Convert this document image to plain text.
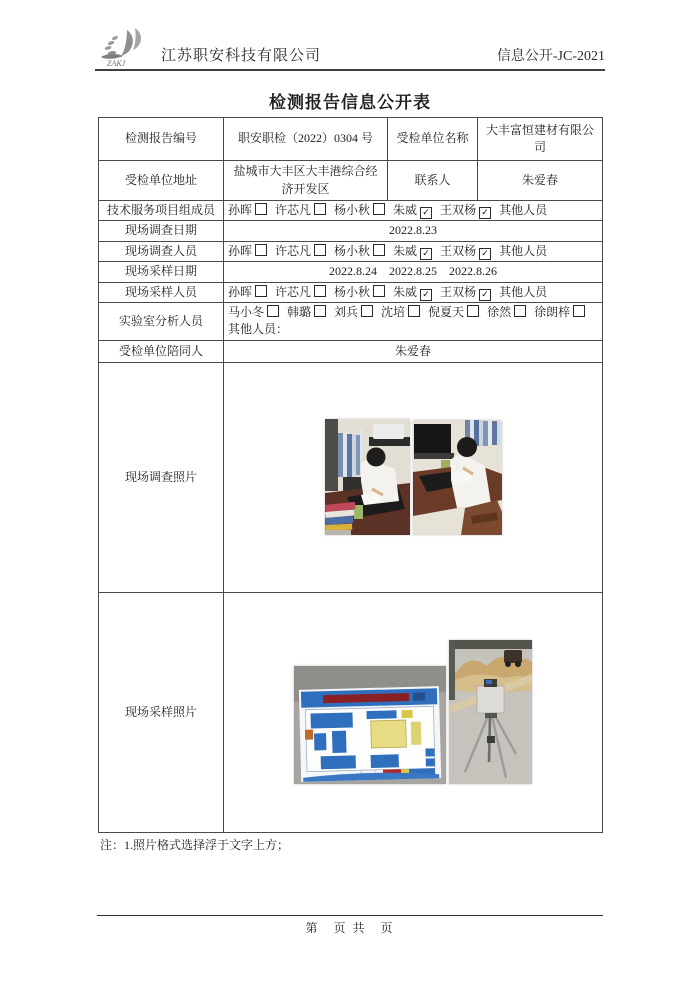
ZAKJ 江苏职安科技有限公司	信息公开-JC-2021
检测报告信息公开表
检测报告编号	职安职检（2022）0304 号	受检单位名称	大丰富恒建材有限公司
受检单位地址	盐城市大丰区大丰港综合经济开发区	联系人	朱爱春
技术服务项目组成员	孙晖 许芯凡 杨小秋 朱威 ✓ 王双杨 ✓ 其他人员		
现场调查日期	2022.8.23		
现场调查人员	孙晖 许芯凡 杨小秋 朱威 ✓ 王双杨 ✓ 其他人员		
现场采样日期	2022.8.24　2022.8.25　2022.8.26		
现场采样人员	孙晖 许芯凡 杨小秋 朱威 ✓ 王双杨 ✓ 其他人员		
实验室分析人员	马小冬 韩璐 刘兵 沈培 倪夏天 徐然 徐朗梓
其他人员：		

受检单位陪同人	朱爱春		
现场调查照片	

现场采样照片	
注：1.照片格式选择浮于文字上方；
第　页 共　页
